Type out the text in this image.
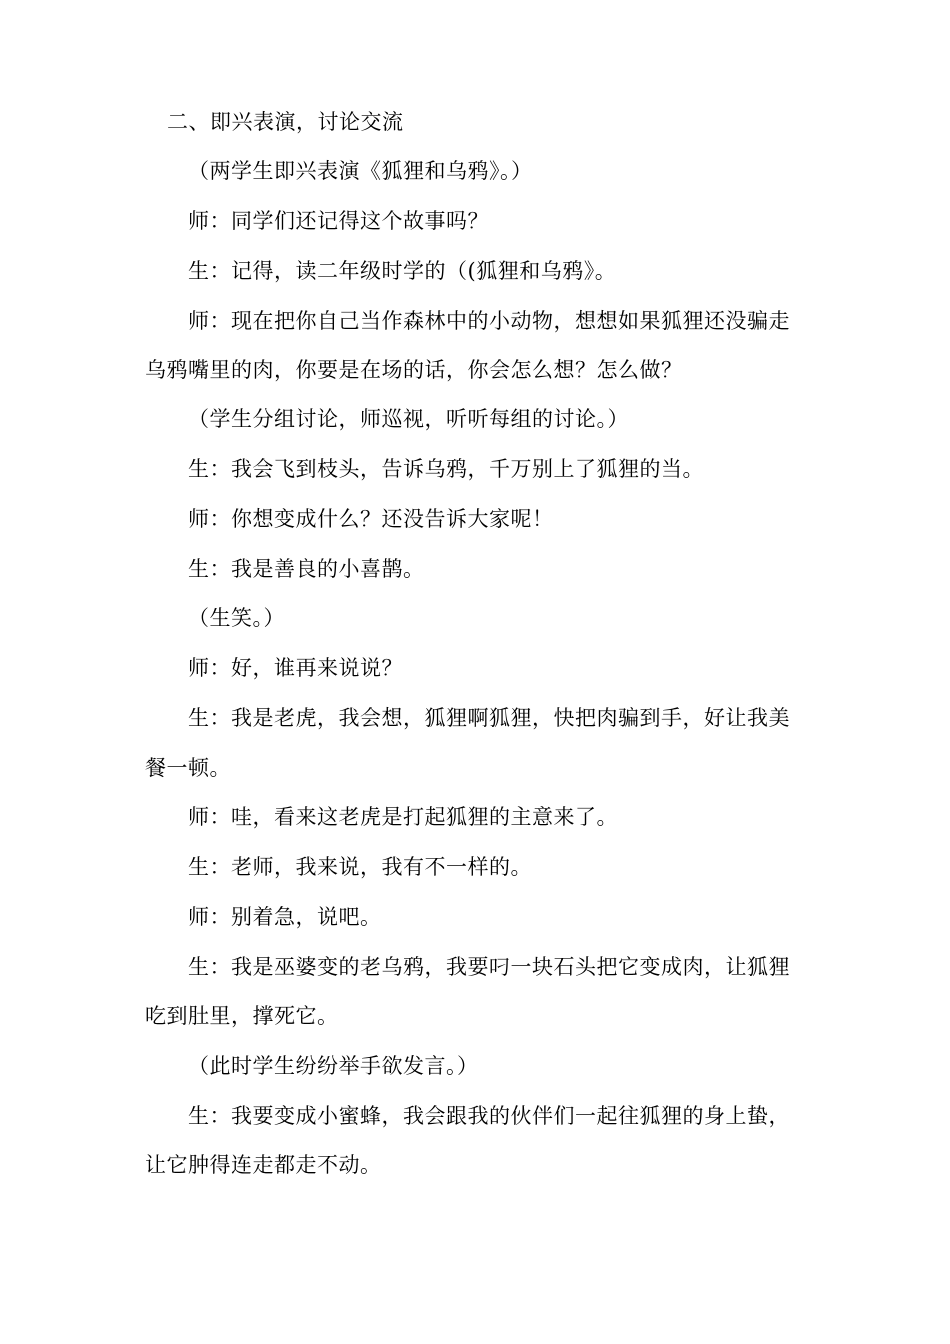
二、即兴表演，讨论交流
（两学生即兴表演《狐狸和乌鸦》。）
师：同学们还记得这个故事吗？
生：记得，读二年级时学的（(狐狸和乌鸦》。
师：现在把你自己当作森林中的小动物，想想如果狐狸还没骗走
乌鸦嘴里的肉，你要是在场的话，你会怎么想？怎么做？
（学生分组讨论，师巡视，听听每组的讨论。）
生：我会飞到枝头，告诉乌鸦，千万别上了狐狸的当。
师：你想变成什么？还没告诉大家呢！
生：我是善良的小喜鹊。
（生笑。）
师：好，谁再来说说？
生：我是老虎，我会想，狐狸啊狐狸，快把肉骗到手，好让我美
餐一顿。
师：哇，看来这老虎是打起狐狸的主意来了。
生：老师，我来说，我有不一样的。
师：别着急，说吧。
生：我是巫婆变的老乌鸦，我要叼一块石头把它变成肉，让狐狸
吃到肚里，撑死它。
（此时学生纷纷举手欲发言。）
生：我要变成小蜜蜂，我会跟我的伙伴们一起往狐狸的身上蛰，
让它肿得连走都走不动。
